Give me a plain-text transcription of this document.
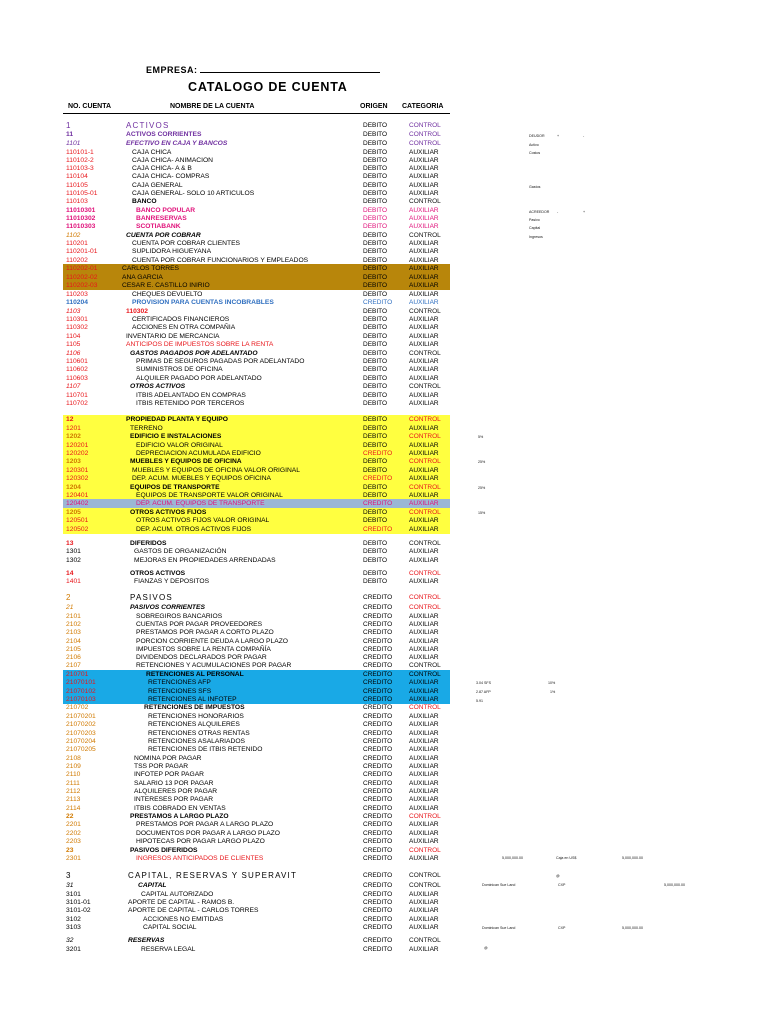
EMPRESA:
CATALOGO DE CUENTA
NO. CUENTA	NOMBRE DE LA CUENTA	ORIGEN CATEGORIA
1	ACTIVOS	DEBITO	CONTROL
11	ACTIVOS CORRIENTES	DEBITO	CONTROL
1101	EFECTIVO EN CAJA Y BANCOS	DEBITO	CONTROL
110101-1	CAJA CHICA	DEBITO	AUXILIAR
110102-2	CAJA CHICA- ANIMACION	DEBITO	AUXILIAR
110103-3	CAJA CHICA- A & B	DEBITO	AUXILIAR
110104	CAJA CHICA- COMPRAS	DEBITO	AUXILIAR
110105	CAJA GENERAL	DEBITO	AUXILIAR
110105-01	CAJA GENERAL- SOLO 10 ARTICULOS	DEBITO	AUXILIAR
110103	BANCO	DEBITO	CONTROL
11010301	BANCO POPULAR	DEBITO	AUXILIAR
11010302	BANRESERVAS	DEBITO	AUXILIAR
11010303	SCOTIABANK	DEBITO	AUXILIAR
1102	CUENTA POR COBRAR	DEBITO	CONTROL
110201	CUENTA POR COBRAR CLIENTES	DEBITO	AUXILIAR
110201-01	SUPLIDORA HIGUEYANA	DEBITO	AUXILIAR
110202	CUENTA POR COBRAR FUNCIONARIOS Y EMPLEADOS	DEBITO	AUXILIAR
110202-01	CARLOS TORRES	DEBITO	AUXILIAR
110202-02	ANA GARCIA	DEBITO	AUXILIAR
110202-03	CESAR E. CASTILLO INIRIO	DEBITO	AUXILIAR
110203	CHEQUES DEVUELTO	DEBITO	AUXILIAR
110204	PROVISION PARA CUENTAS INCOBRABLES	CREDITO	AUXILIAR
1103	110302	DEBITO	CONTROL
110301	CERTIFICADOS FINANCIEROS	DEBITO	AUXILIAR
110302	ACCIONES EN OTRA COMPAÑIA	DEBITO	AUXILIAR
1104	INVENTARIO DE MERCANCIA	DEBITO	AUXILIAR
1105	ANTICIPOS DE IMPUESTOS SOBRE LA RENTA	DEBITO	AUXILIAR
1106	GASTOS PAGADOS POR ADELANTADO	DEBITO	CONTROL
110601	PRIMAS DE SEGUROS PAGADAS POR ADELANTADO	DEBITO	AUXILIAR
110602	SUMINISTROS DE OFICINA	DEBITO	AUXILIAR
110603	ALQUILER PAGADO POR ADELANTADO	DEBITO	AUXILIAR
1107	OTROS ACTIVOS	DEBITO	CONTROL
110701	ITBIS ADELANTADO EN COMPRAS	DEBITO	AUXILIAR
110702	ITBIS RETENIDO POR TERCEROS	DEBITO	AUXILIAR
12	PROPIEDAD PLANTA Y EQUIPO	DEBITO	CONTROL
1201	TERRENO	DEBITO	AUXILIAR
1202	EDIFICIO E INSTALACIONES	DEBITO	CONTROL
120201	EDIFICIO VALOR ORIGINAL	DEBITO	AUXILIAR
120202	DEPRECIACION ACUMULADA EDIFICIO	CREDITO	AUXILIAR
1203	MUEBLES Y EQUIPOS DE OFICINA	DEBITO	CONTROL
120301	MUEBLES Y EQUIPOS DE OFICINA VALOR ORIGINAL	DEBITO	AUXILIAR
120302	DEP. ACUM. MUEBLES Y EQUIPOS OFICINA	CREDITO	AUXILIAR
1204	EQUIPOS DE TRANSPORTE	DEBITO	CONTROL
120401	EQUIPOS DE TRANSPORTE VALOR ORIGINAL	DEBITO	AUXILIAR
120402	DEP. ACUM. EQUIPOS DE TRANSPORTE	CREDITO	AUXILIAR
1205	OTROS ACTIVOS FIJOS	DEBITO	CONTROL
120501	OTROS ACTIVOS FIJOS VALOR ORIGINAL	DEBITO	AUXILIAR
120502	DEP. ACUM. OTROS ACTIVOS FIJOS	CREDITO	AUXILIAR
13	DIFERIDOS	DEBITO	CONTROL
1301	GASTOS DE ORGANIZACIÓN	DEBITO	AUXILIAR
1302	MEJORAS EN PROPIEDADES ARRENDADAS	DEBITO	AUXILIAR
14	OTROS ACTIVOS	DEBITO	CONTROL
1401	FIANZAS Y DEPOSITOS	DEBITO	AUXILIAR
2	PASIVOS	CREDITO	CONTROL
21	PASIVOS CORRIENTES	CREDITO	CONTROL
2101	SOBREGIROS BANCARIOS	CREDITO	AUXILIAR
2102	CUENTAS POR PAGAR PROVEEDORES	CREDITO	AUXILIAR
2103	PRESTAMOS POR PAGAR A CORTO PLAZO	CREDITO	AUXILIAR
2104	PORCION CORRIENTE DEUDA A LARGO PLAZO	CREDITO	AUXILIAR
2105	IMPUESTOS SOBRE LA RENTA COMPAÑÍA	CREDITO	AUXILIAR
2106	DIVIDENDOS DECLARADOS POR PAGAR	CREDITO	AUXILIAR
2107	RETENCIONES Y ACUMULACIONES POR PAGAR	CREDITO	CONTROL
210701	RETENCIONES AL PERSONAL	CREDITO	CONTROL
21070101	RETENCIONES AFP	CREDITO	AUXILIAR
21070102	RETENCIONES SFS	CREDITO	AUXILIAR
21070103	RETENCIONES AL INFOTEP	CREDITO	AUXILIAR
210702	RETENCIONES DE IMPUESTOS	CREDITO	CONTROL
21070201	RETENCIONES HONORARIOS	CREDITO	AUXILIAR
21070202	RETENCIONES ALQUILERES	CREDITO	AUXILIAR
21070203	RETENCIONES OTRAS RENTAS	CREDITO	AUXILIAR
21070204	RETENCIONES ASALARIADOS	CREDITO	AUXILIAR
21070205	RETENCIONES DE ITBIS RETENIDO	CREDITO	AUXILIAR
2108	NOMINA POR PAGAR	CREDITO	AUXILIAR
2109	TSS POR PAGAR	CREDITO	AUXILIAR
2110	INFOTEP POR PAGAR	CREDITO	AUXILIAR
2111	SALARIO 13 POR PAGAR	CREDITO	AUXILIAR
2112	ALQUILERES POR PAGAR	CREDITO	AUXILIAR
2113	INTERESES POR PAGAR	CREDITO	AUXILIAR
2114	ITBIS COBRADO EN VENTAS	CREDITO	AUXILIAR
22	PRESTAMOS A LARGO PLAZO	CREDITO	CONTROL
2201	PRESTAMOS POR PAGAR A LARGO PLAZO	CREDITO	AUXILIAR
2202	DOCUMENTOS POR PAGAR A LARGO PLAZO	CREDITO	AUXILIAR
2203	HIPOTECAS POR PAGAR LARGO PLAZO	CREDITO	AUXILIAR
23	PASIVOS DIFERIDOS	CREDITO	CONTROL
2301	INGRESOS ANTICIPADOS DE CLIENTES	CREDITO	AUXILIAR
3	CAPITAL, RESERVAS Y SUPERAVIT	CREDITO	CONTROL
31	CAPITAL	CREDITO	CONTROL
3101	CAPITAL AUTORIZADO	CREDITO	AUXILIAR
3101-01	APORTE DE CAPITAL - RAMOS B.	CREDITO	AUXILIAR
3101-02	APORTE DE CAPITAL - CARLOS TORRES	CREDITO	AUXILIAR
3102	ACCIONES NO EMITIDAS	CREDITO	AUXILIAR
3103	CAPITAL SOCIAL	CREDITO	AUXILIAR
32	RESERVAS	CREDITO	CONTROL
3201	RESERVA LEGAL	CREDITO	AUXILIAR
DEUDOR	+	-
Activo
Costos
Gastos
ACREEDOR -	+
Pasivo
Capital
Ingresos
5%
25%
25%
15%
3.04 SFS	10%
2.87 AFP	1%
5.91
5,000,000.00	Caja en US$	5,000,000.00
@
Dominican Sue Land	CXP	5,000,000.00
Dominican Sue Land	CXP	5,000,000.00
@
